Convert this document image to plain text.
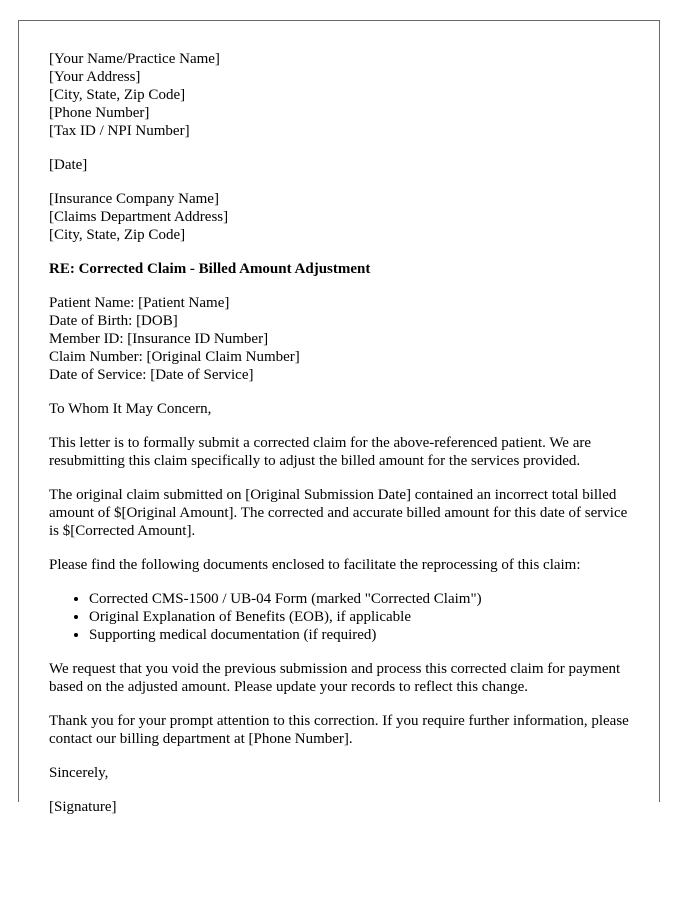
[Your Name/Practice Name]
[Your Address]
[City, State, Zip Code]
[Phone Number]
[Tax ID / NPI Number]
[Date]
[Insurance Company Name]
[Claims Department Address]
[City, State, Zip Code]
RE: Corrected Claim - Billed Amount Adjustment
Patient Name: [Patient Name]
Date of Birth: [DOB]
Member ID: [Insurance ID Number]
Claim Number: [Original Claim Number]
Date of Service: [Date of Service]

To Whom It May Concern,

This letter is to formally submit a corrected claim for the above-referenced patient. We are resubmitting this claim specifically to adjust the billed amount for the services provided.

The original claim submitted on [Original Submission Date] contained an incorrect total billed amount of $[Original Amount]. The corrected and accurate billed amount for this date of service is $[Corrected Amount].

Please find the following documents enclosed to facilitate the reprocessing of this claim:

• Corrected CMS-1500 / UB-04 Form (marked "Corrected Claim")
• Original Explanation of Benefits (EOB), if applicable
• Supporting medical documentation (if required)

We request that you void the previous submission and process this corrected claim for payment based on the adjusted amount. Please update your records to reflect this change.

Thank you for your prompt attention to this correction. If you require further information, please contact our billing department at [Phone Number].

Sincerely,

[Signature]
